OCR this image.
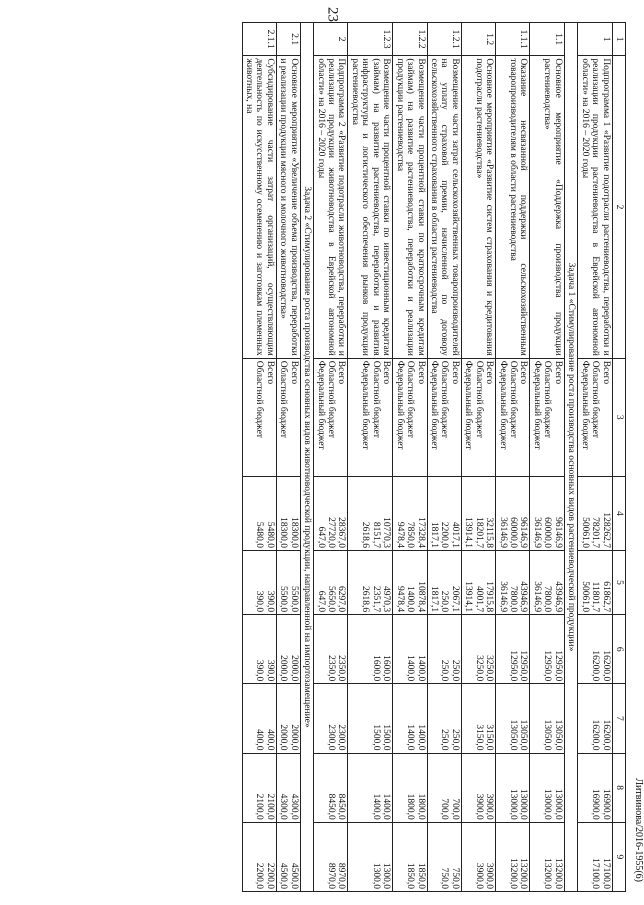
23
Литвинова/2016-1955(6)
1	2	3	4	5	6	7	8	9
1	Подпрограмма 1 «Развитие подотрасли растениеводства, переработки и реализации продукции растениеводства в Еврейской автономной области» на 2016 – 2020 годы	Всего
Областной бюджет
Федеральный бюджет	128262,7
78201,7
50061,0	61862,7
11801,7
50061,0	16200,0
16200,0	16200,0
16200,0	16900,0
16900,0	17100,0
17100,0

Задача 1 «Стимулирование роста производства основных видов растениеводческой продукции»								
1.1	Основное мероприятие «Поддержка производства продукции растениеводства»	Всего
Областной бюджет
Федеральный бюджет	96146,9
60000,0
36146,9	43946,9
7800,0
36146,9	12950,0
12950,0	13050,0
13050,0	13000,0
13000,0	13200,0
13200,0

1.1.1	Оказание несвязанной поддержки сельскохозяйственным товаропроизводителям в области растениеводства	Всего
Областной бюджет
Федеральный бюджет	96146,9
60000,0
36146,9	43946,9
7800,0
36146,9	12950,0
12950,0	13050,0
13050,0	13000,0
13000,0	13200,0
13200,0

1.2	Основное мероприятие «Развитие систем страхования и кредитования подотрасли растениеводства»	Всего
Областной бюджет
Федеральный бюджет	32115,8
18201,7
13914,1	17915,8
4001,7
13914,1	3250,0
3250,0	3150,0
3150,0	3900,0
3900,0	3900,0
3900,0

1.2.1	Возмещение части затрат сельскохозяйственных товаропроизводителей на уплату страховой премии, начисленной по договору сельскохозяйственного страхования в области растениеводства	Всего
Областной бюджет
Федеральный бюджет	4017,1
2200,0
1817,1	2067,1
250,0
1817,1	250,0
250,0	250,0
250,0	700,0
700,0	750,0
750,0

1.2.2	Возмещение части процентной ставки по краткосрочным кредитам (займам) на развитие растениеводства, переработки и реализации продукции растениеводства	Всего
Областной бюджет
Федеральный бюджет	17328,4
7850,0
9478,4	10878,4
1400,0
9478,4	1400,0
1400,0	1400,0
1400,0	1800,0
1800,0	1850,0
1850,0

1.2.3	Возмещение части процентной ставки по инвестиционным кредитам (займам) на развитие растениеводства, переработки и развития инфраструктуры и логистического обеспечения рынков продукции растениеводства	Всего
Областной бюджет
Федеральный бюджет	10770,3
8151,7
2618,6	4970,3
2351,7
2618,6	1600,0
1600,0	1500,0
1500,0	1400,0
1400,0	1300,0
1300,0

2	Подпрограмма 2 «Развитие подотрасли животноводства, переработки и реализации продукции животноводства в Еврейской автономной области» на 2016 – 2020 годы	Всего
Областной бюджет
Федеральный бюджет	28367,0
27720,0
647,0	6297,0
5650,0
647,0	2350,0
2350,0	2300,0
2300,0	8450,0
8450,0	8970,0
8970,0

Задача 2 «Стимулирование роста производства основных видов животноводческой продукции, направленной на импортозамещение»								
2.1	Основное мероприятие «Увеличение объема производства, переработки и реализации продукции мясного и молочного животноводства»	Всего
Областной бюджет	18300,0
18300,0	5500,0
5500,0	2000,0
2000,0	2000,0
2000,0	4300,0
4300,0	4500,0
4500,0

2.1.1	Субсидирование части затрат организаций, осуществляющим деятельность по искусственному осеменению и заготовкам племенных животных, на	Всего
Областной бюджет	5480,0
5480,0	390,0
390,0	390,0
390,0	400,0
400,0	2100,0
2100,0	2200,0
2200,0
